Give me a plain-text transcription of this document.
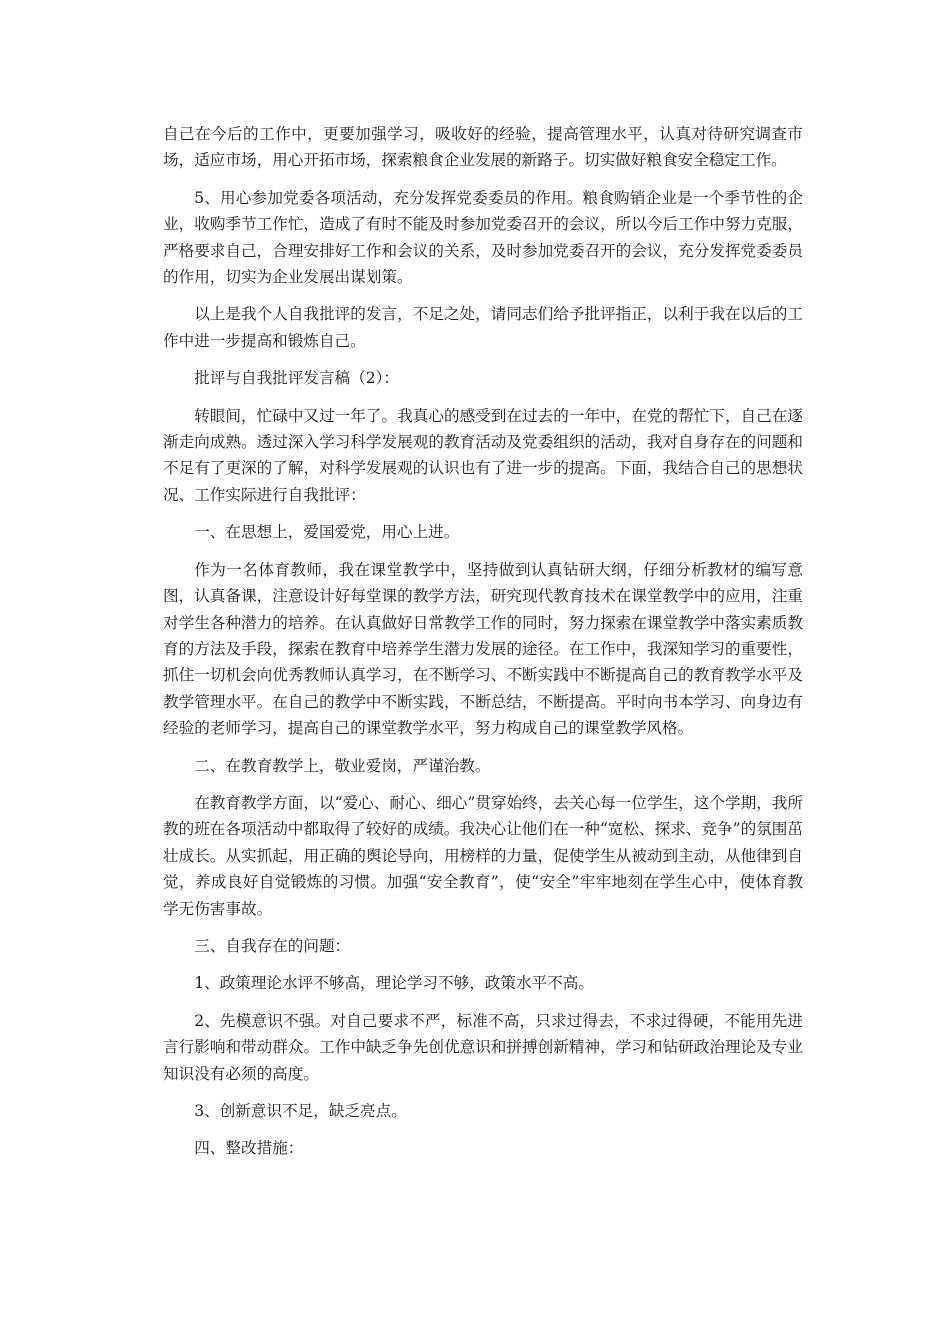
自己在今后的工作中，更要加强学习，吸收好的经验，提高管理水平，认真对待研究调查市场，适应市场，用心开拓市场，探索粮食企业发展的新路子。切实做好粮食安全稳定工作。

5、用心参加党委各项活动，充分发挥党委委员的作用。粮食购销企业是一个季节性的企业，收购季节工作忙，造成了有时不能及时参加党委召开的会议，所以今后工作中努力克服，严格要求自己，合理安排好工作和会议的关系，及时参加党委召开的会议，充分发挥党委委员的作用，切实为企业发展出谋划策。

以上是我个人自我批评的发言，不足之处，请同志们给予批评指正，以利于我在以后的工作中进一步提高和锻炼自己。

批评与自我批评发言稿（2）：

转眼间，忙碌中又过一年了。我真心的感受到在过去的一年中，在党的帮忙下，自己在逐渐走向成熟。透过深入学习科学发展观的教育活动及党委组织的活动，我对自身存在的问题和不足有了更深的了解，对科学发展观的认识也有了进一步的提高。下面，我结合自己的思想状况、工作实际进行自我批评：

一、在思想上，爱国爱党，用心上进。

作为一名体育教师，我在课堂教学中，坚持做到认真钻研大纲，仔细分析教材的编写意图，认真备课，注意设计好每堂课的教学方法，研究现代教育技术在课堂教学中的应用，注重对学生各种潜力的培养。在认真做好日常教学工作的同时，努力探索在课堂教学中落实素质教育的方法及手段，探索在教育中培养学生潜力发展的途径。在工作中，我深知学习的重要性，抓住一切机会向优秀教师认真学习，在不断学习、不断实践中不断提高自己的教育教学水平及教学管理水平。在自己的教学中不断实践，不断总结，不断提高。平时向书本学习、向身边有经验的老师学习，提高自己的课堂教学水平，努力构成自己的课堂教学风格。

二、在教育教学上，敬业爱岗，严谨治教。

在教育教学方面，以“爱心、耐心、细心”贯穿始终，去关心每一位学生，这个学期，我所教的班在各项活动中都取得了较好的成绩。我决心让他们在一种“宽松、探求、竞争”的氛围茁壮成长。从实抓起，用正确的舆论导向，用榜样的力量，促使学生从被动到主动，从他律到自觉，养成良好自觉锻炼的习惯。加强“安全教育”，使“安全”牢牢地刻在学生心中，使体育教学无伤害事故。

三、自我存在的问题：

1、政策理论水评不够高，理论学习不够，政策水平不高。

2、先模意识不强。对自己要求不严，标准不高，只求过得去，不求过得硬，不能用先进言行影响和带动群众。工作中缺乏争先创优意识和拼搏创新精神，学习和钻研政治理论及专业知识没有必须的高度。

3、创新意识不足，缺乏亮点。

四、整改措施：
